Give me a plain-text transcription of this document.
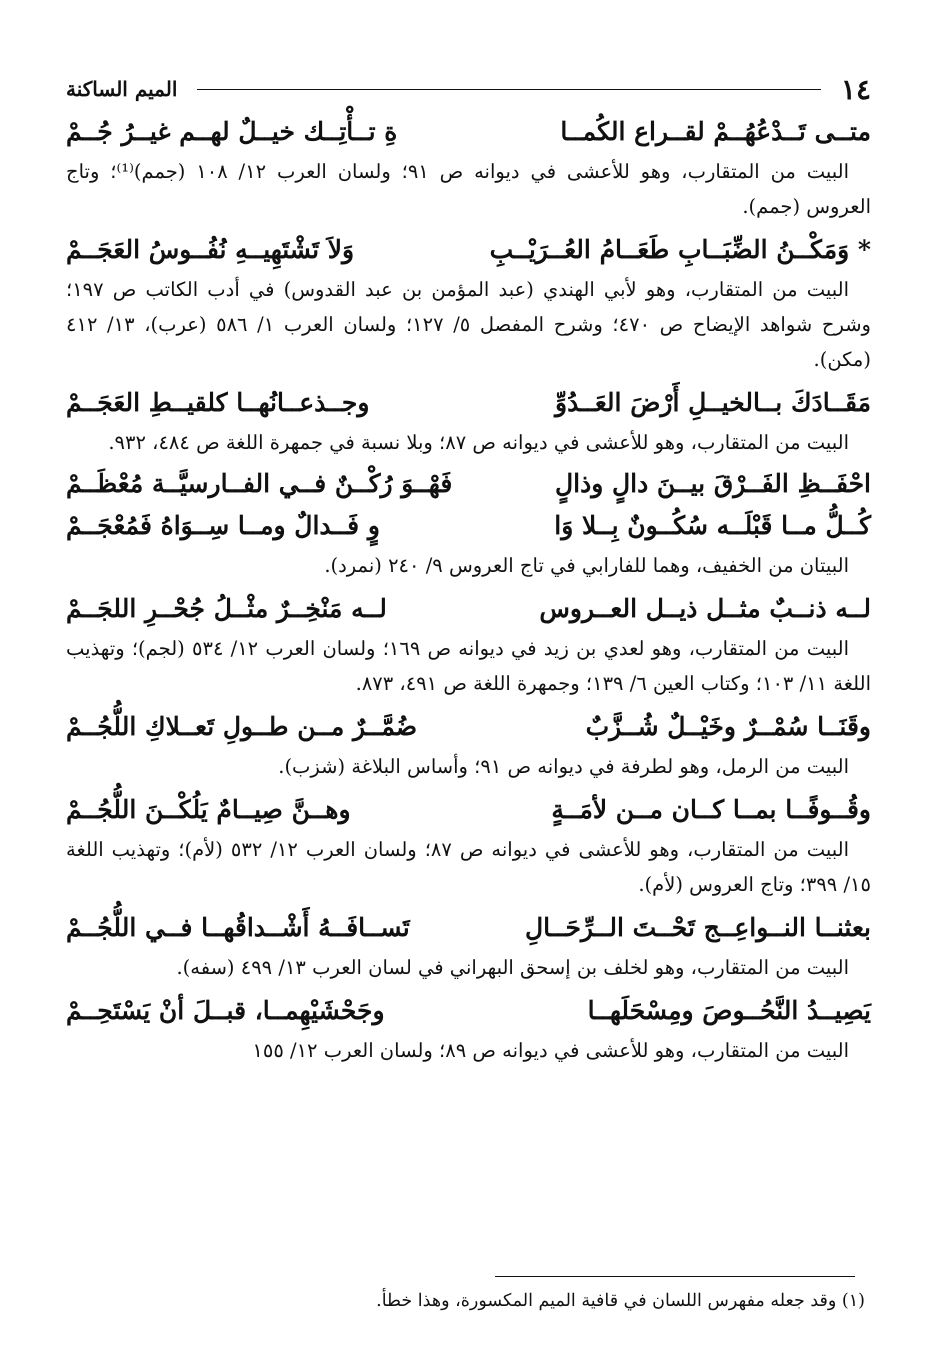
١٤
الميم الساكنة
متــى تَــدْعُهُــمْ لقــراع الكُمــا
ةِ تــأْتِــك خيــلٌ لهــم غيــرُ جُــمْ
البيت من المتقارب، وهو للأعشى في ديوانه ص ٩١؛ ولسان العرب ١٢/ ١٠٨ (جمم)⁽¹⁾؛ وتاج العروس (جمم).
* وَمَكْــنُ الضِّبَــابِ طَعَــامُ العُــرَيْــبِ
وَلاَ تَشْتَهِيــهِ نُفُــوسُ العَجَــمْ
البيت من المتقارب، وهو لأبي الهندي (عبد المؤمن بن عبد القدوس) في أدب الكاتب ص ١٩٧؛ وشرح شواهد الإيضاح ص ٤٧٠؛ وشرح المفصل ٥/ ١٢٧؛ ولسان العرب ١/ ٥٨٦ (عرب)، ١٣/ ٤١٢ (مكن).
مَقَــادَكَ بــالخيــلِ أَرْضَ العَــدُوِّ
وجــذعــانُهــا كلقيــطِ العَجَــمْ
البيت من المتقارب، وهو للأعشى في ديوانه ص ٨٧؛ وبلا نسبة في جمهرة اللغة ص ٤٨٤، ٩٣٢.
احْفَــظِ الفَــرْقَ بيــنَ دالٍ وذالٍ
فَهْــوَ رُكْــنٌ فــي الفــارسيَّــة مُعْظَــمْ
كُــلُّ مــا قَبْلَــه سُكُــونٌ بِــلا وَا
وٍ فَــدالٌ ومــا سِــوَاهُ فَمُعْجَــمْ
البيتان من الخفيف، وهما للفارابي في تاج العروس ٩/ ٢٤٠ (نمرد).
لــه ذنــبٌ مثــل ذيــل العــروس
لــه مَنْخِــرٌ مثْــلُ جُحْــرِ اللجَــمْ
البيت من المتقارب، وهو لعدي بن زيد في ديوانه ص ١٦٩؛ ولسان العرب ١٢/ ٥٣٤ (لجم)؛ وتهذيب اللغة ١١/ ١٠٣؛ وكتاب العين ٦/ ١٣٩؛ وجمهرة اللغة ص ٤٩١، ٨٧٣.
وقَنَــا سُمْــرٌ وخَيْــلٌ شُــزَّبٌ
ضُمَّــرٌ مــن طــولِ تَعــلاكِ اللُّجُــمْ
البيت من الرمل، وهو لطرفة في ديوانه ص ٩١؛ وأساس البلاغة (شزب).
وقُــوفًــا بمــا كــان مــن لأمَــةٍ
وهــنَّ صِيــامٌ يَلُكْــنَ اللُّجُــمْ
البيت من المتقارب، وهو للأعشى في ديوانه ص ٨٧؛ ولسان العرب ١٢/ ٥٣٢ (لأم)؛ وتهذيب اللغة ١٥/ ٣٩٩؛ وتاج العروس (لأم).
بعثنــا النــواعِــج تَحْــتَ الــرِّحَــالِ
تَســافَــهُ أَشْــداقُهــا فــي اللُّجُــمْ
البيت من المتقارب، وهو لخلف بن إسحق البهراني في لسان العرب ١٣/ ٤٩٩ (سفه).
يَصِيــدُ النَّحُــوصَ ومِسْحَلَهــا
وجَحْشَيْهِمــا، قبــلَ أنْ يَسْتَحِــمْ
البيت من المتقارب، وهو للأعشى في ديوانه ص ٨٩؛ ولسان العرب ١٢/ ١٥٥
(١) وقد جعله مفهرس اللسان في قافية الميم المكسورة، وهذا خطأ.
